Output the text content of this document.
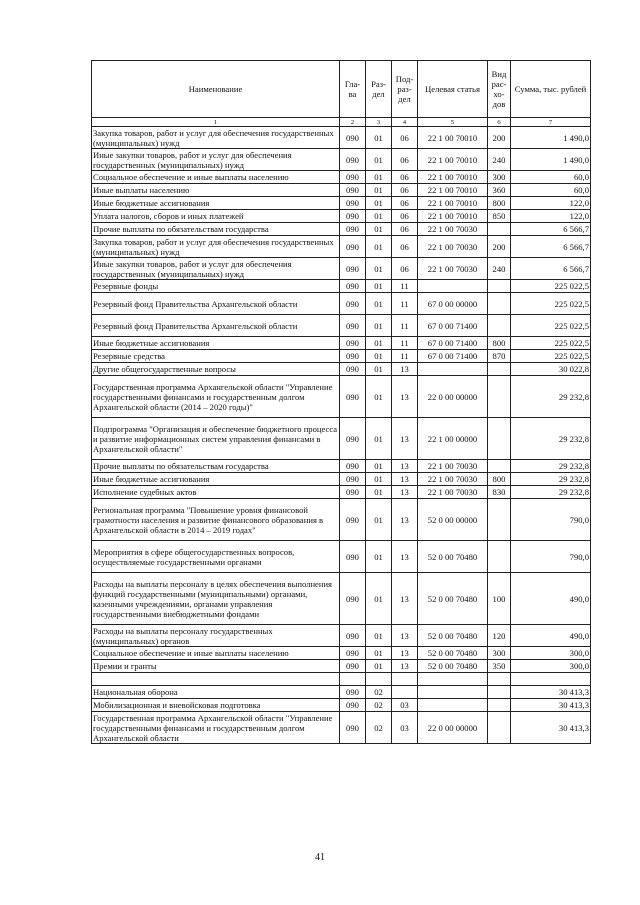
Наименование	Гла-ва	Раз-дел	Под-раз-дел	Целевая статья	Вид рас-хо-дов	Сумма, тыс. рублей
1	2	3	4	5	6	7
Закупка товаров, работ и услуг для обеспечения государственных (муниципальных) нужд	090	01	06	22 1 00 70010	200	1 490,0
Иные закупки товаров, работ и услуг для обеспечения государственных (муниципальных) нужд	090	01	06	22 1 00 70010	240	1 490,0
Социальное обеспечение и иные выплаты населению	090	01	06	22 1 00 70010	300	60,0
Иные выплаты населению	090	01	06	22 1 00 70010	360	60,0
Иные бюджетные ассигнования	090	01	06	22 1 00 70010	800	122,0
Уплата налогов, сборов и иных платежей	090	01	06	22 1 00 70010	850	122,0
Прочие выплаты по обязательствам государства	090	01	06	22 1 00 70030		6 566,7
Закупка товаров, работ и услуг для обеспечения государственных (муниципальных) нужд	090	01	06	22 1 00 70030	200	6 566,7
Иные закупки товаров, работ и услуг для обеспечения государственных (муниципальных) нужд	090	01	06	22 1 00 70030	240	6 566,7
Резервные фонды	090	01	11			225 022,5
Резервный фонд Правительства Архангельской области	090	01	11	67 0 00 00000		225 022,5
Резервный фонд Правительства Архангельской области	090	01	11	67 0 00 71400		225 022,5
Иные бюджетные ассигнования	090	01	11	67 0 00 71400	800	225 022,5
Резервные средства	090	01	11	67 0 00 71400	870	225 022,5
Другие общегосударственные вопросы	090	01	13			30 022,8
Государственная программа Архангельской области "Управление государственными финансами и государственным долгом Архангельской области (2014 – 2020 годы)"	090	01	13	22 0 00 00000		29 232,8
Подпрограмма "Организация и обеспечение бюджетного процесса и развитие информационных систем управления финансами в Архангельской области"	090	01	13	22 1 00 00000		29 232,8
Прочие выплаты по обязательствам государства	090	01	13	22 1 00 70030		29 232,8
Иные бюджетные ассигнования	090	01	13	22 1 00 70030	800	29 232,8
Исполнение судебных актов	090	01	13	22 1 00 70030	830	29 232,8
Региональная программа "Повышение уровня финансовой грамотности населения и развитие финансового образования в Архангельской области в 2014 – 2019 годах"	090	01	13	52 0 00 00000		790,0
Мероприятия в сфере общегосударственных вопросов, осуществляемые государственными органами	090	01	13	52 0 00 70480		790,0
Расходы на выплаты персоналу в целях обеспечения выполнения функций государственными (муниципальными) органами, казенными учреждениями, органами управления государственными внебюджетными фондами	090	01	13	52 0 00 70480	100	490,0
Расходы на выплаты персоналу государственных (муниципальных) органов	090	01	13	52 0 00 70480	120	490,0
Социальное обеспечение и иные выплаты населению	090	01	13	52 0 00 70480	300	300,0
Премии и гранты	090	01	13	52 0 00 70480	350	300,0

Национальная оборона	090	02				30 413,3
Мобилизационная и вневойсковая подготовка	090	02	03			30 413,3
Государственная программа Архангельской области "Управление государственными финансами и государственным долгом Архангельской области	090	02	03	22 0 00 00000		30 413,3
41
